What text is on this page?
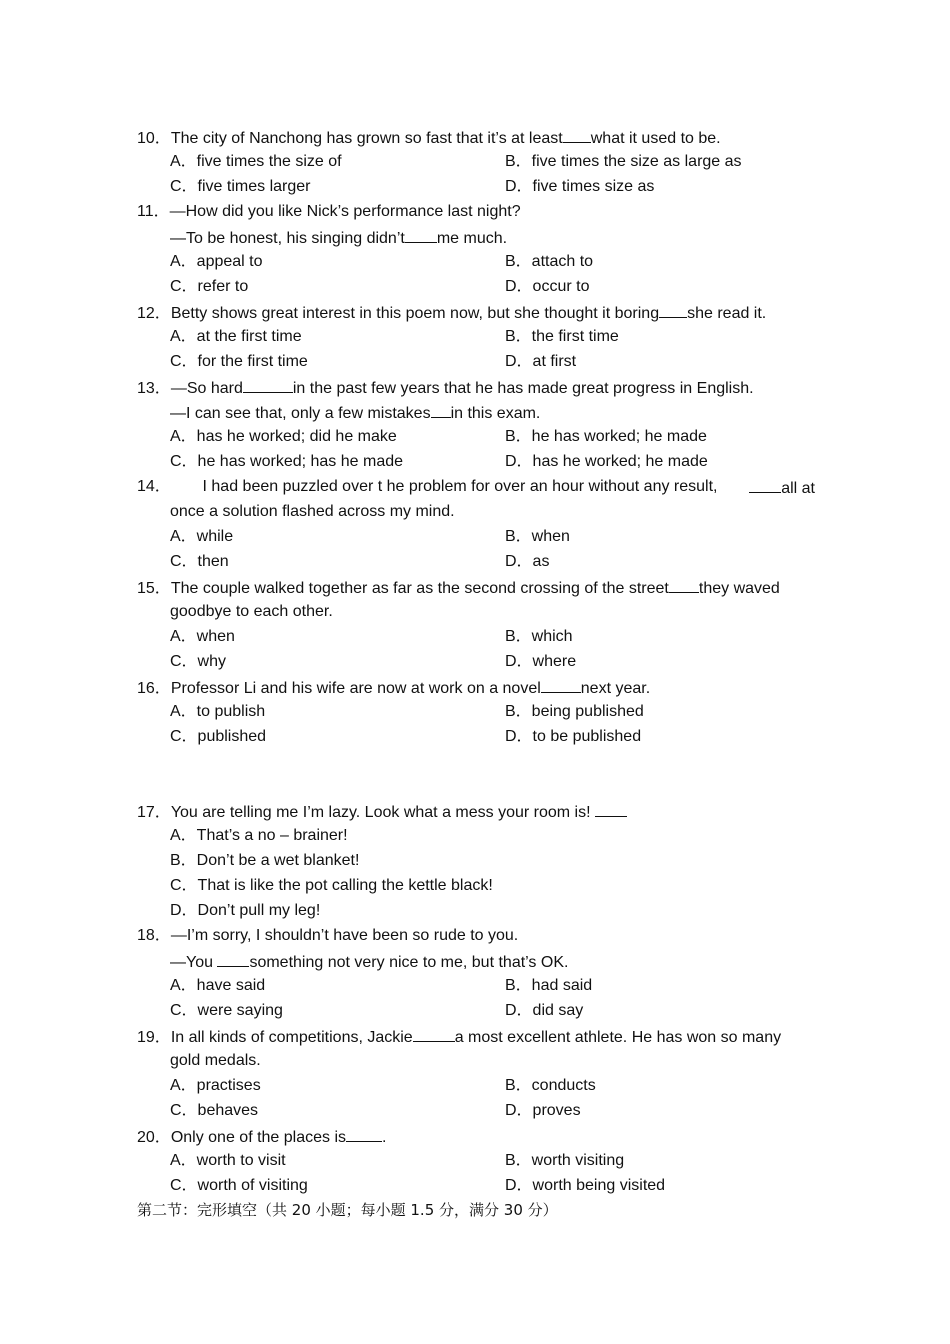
10．The city of Nanchong has grown so fast that it’s at least what it used to be.
A．five times the size of	B．five times the size as large as
C．five times larger	D．five times size as
11．—How did you like Nick’s performance last night?
—To be honest, his singing didn’t me much.
A．appeal to	B．attach to
C．refer to	D．occur to
12．Betty shows great interest in this poem now, but she thought it boring she read it.
A．at the first time	B．the first time
C．for the first time	D．at first
13．—So hard	in the past few years that he has made great progress in English.
—I can see that, only a few mistakes in this exam.
A．has he worked; did he make	B．he has worked; he made
C．he has worked; has he made	D．has he worked; he made
14． I had been puzzled over t he problem for over an hour without any result,	all at
once a solution flashed across my mind.
A．while	B．when
C．then	D．as
15．The couple walked together as far as the second crossing of the street they waved
goodbye to each other.
A．when	B．which
C．why	D．where
16．Professor Li and his wife are now at work on a novel	next year.
A．to publish	B．being published
C．published	D．to be published
17．You are telling me I’m lazy. Look what a mess your room is!
A．That’s a no – brainer!
B．Don’t be a wet blanket!
C．That is like the pot calling the kettle black!
D．Don’t pull my leg!
18．—I’m sorry, I shouldn’t have been so rude to you.
—You something not very nice to me, but that’s OK.
A．have said	B．had said
C．were saying	D．did say
19．In all kinds of competitions, Jackie	a most excellent athlete. He has won so many
gold medals.
A．practises	B．conducts
C．behaves	D．proves
20．Only one of the places is .
A．worth to visit	B．worth visiting
C．worth of visiting	D．worth being visited
第二节：完形填空（共 20 小题；每小题 1.5 分，满分 30 分）
